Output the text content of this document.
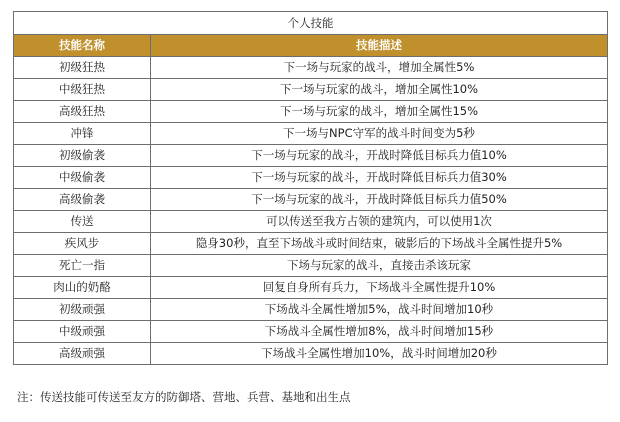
个人技能	
技能名称	技能描述
初级狂热	下一场与玩家的战斗，增加全属性5%
中级狂热	下一场与玩家的战斗，增加全属性10%
高级狂热	下一场与玩家的战斗，增加全属性15%
冲锋	下一场与NPC守军的战斗时间变为5秒
初级偷袭	下一场与玩家的战斗，开战时降低目标兵力值10%
中级偷袭	下一场与玩家的战斗，开战时降低目标兵力值30%
高级偷袭	下一场与玩家的战斗，开战时降低目标兵力值50%
传送	可以传送至我方占领的建筑内，可以使用1次
疾风步	隐身30秒，直至下场战斗或时间结束，破影后的下场战斗全属性提升5%
死亡一指	下场与玩家的战斗，直接击杀该玩家
肉山的奶酪	回复自身所有兵力，下场战斗全属性提升10%
初级顽强	下场战斗全属性增加5%，战斗时间增加10秒
中级顽强	下场战斗全属性增加8%，战斗时间增加15秒
高级顽强	下场战斗全属性增加10%，战斗时间增加20秒
注：传送技能可传送至友方的防御塔、营地、兵营、基地和出生点
